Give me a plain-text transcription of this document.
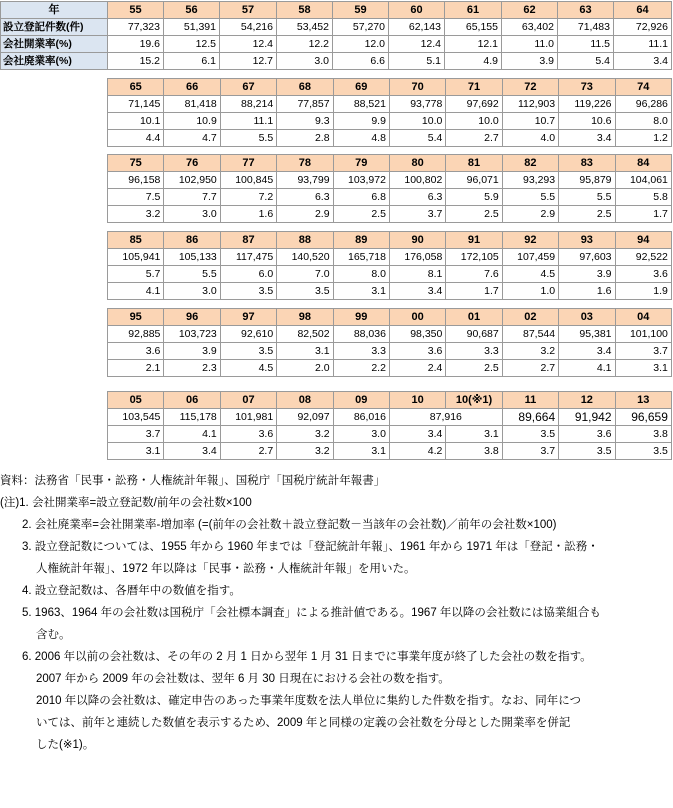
年	55	56	57	58	59	60	61	62	63	64
設立登記件数(件)	77,323	51,391	54,216	53,452	57,270	62,143	65,155	63,402	71,483	72,926
会社開業率(%)	19.6	12.5	12.4	12.2	12.0	12.4	12.1	11.0	11.5	11.1
会社廃業率(%)	15.2	6.1	12.7	3.0	6.6	5.1	4.9	3.9	5.4	3.4
65	66	67	68	69	70	71	72	73	74
71,145	81,418	88,214	77,857	88,521	93,778	97,692	112,903	119,226	96,286
10.1	10.9	11.1	9.3	9.9	10.0	10.0	10.7	10.6	8.0
4.4	4.7	5.5	2.8	4.8	5.4	2.7	4.0	3.4	1.2
75	76	77	78	79	80	81	82	83	84
96,158	102,950	100,845	93,799	103,972	100,802	96,071	93,293	95,879	104,061
7.5	7.7	7.2	6.3	6.8	6.3	5.9	5.5	5.5	5.8
3.2	3.0	1.6	2.9	2.5	3.7	2.5	2.9	2.5	1.7
85	86	87	88	89	90	91	92	93	94
105,941	105,133	117,475	140,520	165,718	176,058	172,105	107,459	97,603	92,522
5.7	5.5	6.0	7.0	8.0	8.1	7.6	4.5	3.9	3.6
4.1	3.0	3.5	3.5	3.1	3.4	1.7	1.0	1.6	1.9
95	96	97	98	99	00	01	02	03	04
92,885	103,723	92,610	82,502	88,036	98,350	90,687	87,544	95,381	101,100
3.6	3.9	3.5	3.1	3.3	3.6	3.3	3.2	3.4	3.7
2.1	2.3	4.5	2.0	2.2	2.4	2.5	2.7	4.1	3.1
05	06	07	08	09	10	10(※1)	11	12	13
103,545	115,178	101,981	92,097	86,016	87,916		89,664	91,942	96,659
3.7	4.1	3.6	3.2	3.0	3.4	3.1	3.5	3.6	3.8
3.1	3.4	2.7	3.2	3.1	4.2	3.8	3.7	3.5	3.5
資料：法務省「民事・訟務・人権統計年報」、国税庁「国税庁統計年報書」
(注)1. 会社開業率=設立登記数/前年の会社数×100
2. 会社廃業率=会社開業率-増加率 (=(前年の会社数＋設立登記数－当該年の会社数)／前年の会社数×100)
3. 設立登記数については、1955 年から 1960 年までは「登記統計年報」、1961 年から 1971 年は「登記・訟務・
人権統計年報」、1972 年以降は「民事・訟務・人権統計年報」を用いた。
4. 設立登記数は、各暦年中の数値を指す。
5. 1963、1964 年の会社数は国税庁「会社標本調査」による推計値である。1967 年以降の会社数には協業組合も
含む。
6. 2006 年以前の会社数は、その年の 2 月 1 日から翌年 1 月 31 日までに事業年度が終了した会社の数を指す。
2007 年から 2009 年の会社数は、翌年 6 月 30 日現在における会社の数を指す。
2010 年以降の会社数は、確定申告のあった事業年度数を法人単位に集約した件数を指す。なお、同年につ
いては、前年と連続した数値を表示するため、2009 年と同様の定義の会社数を分母とした開業率を併記
した(※1)。
